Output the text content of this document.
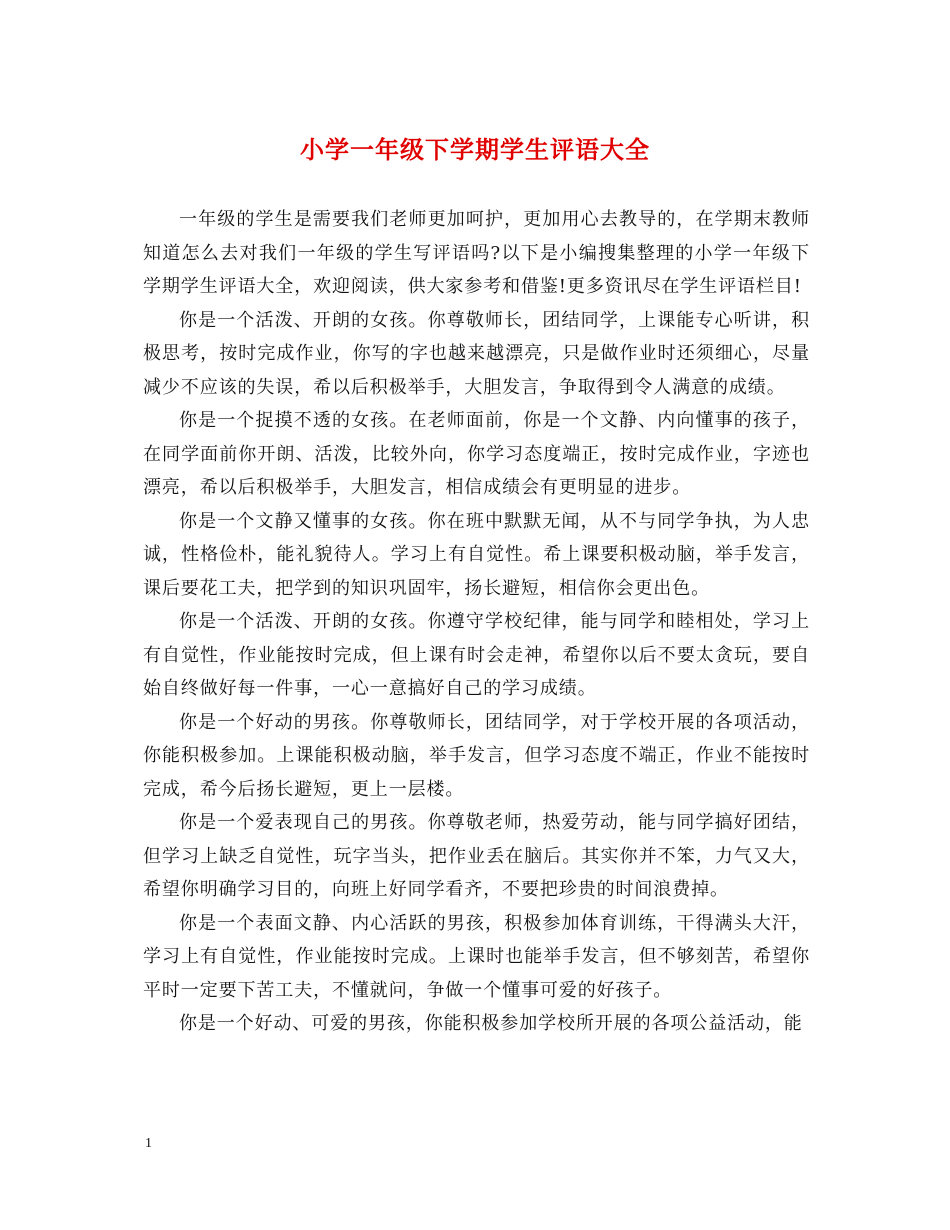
小学一年级下学期学生评语大全

一年级的学生是需要我们老师更加呵护，更加用心去教导的，在学期末教师知道怎么去对我们一年级的学生写评语吗?以下是小编搜集整理的小学一年级下学期学生评语大全，欢迎阅读，供大家参考和借鉴!更多资讯尽在学生评语栏目!

你是一个活泼、开朗的女孩。你尊敬师长，团结同学，上课能专心听讲，积极思考，按时完成作业，你写的字也越来越漂亮，只是做作业时还须细心，尽量减少不应该的失误，希以后积极举手，大胆发言，争取得到令人满意的成绩。

你是一个捉摸不透的女孩。在老师面前，你是一个文静、内向懂事的孩子，在同学面前你开朗、活泼，比较外向，你学习态度端正，按时完成作业，字迹也漂亮，希以后积极举手，大胆发言，相信成绩会有更明显的进步。

你是一个文静又懂事的女孩。你在班中默默无闻，从不与同学争执，为人忠诚，性格俭朴，能礼貌待人。学习上有自觉性。希上课要积极动脑，举手发言，课后要花工夫，把学到的知识巩固牢，扬长避短，相信你会更出色。

你是一个活泼、开朗的女孩。你遵守学校纪律，能与同学和睦相处，学习上有自觉性，作业能按时完成，但上课有时会走神，希望你以后不要太贪玩，要自始自终做好每一件事，一心一意搞好自己的学习成绩。

你是一个好动的男孩。你尊敬师长，团结同学，对于学校开展的各项活动，你能积极参加。上课能积极动脑，举手发言，但学习态度不端正，作业不能按时完成，希今后扬长避短，更上一层楼。

你是一个爱表现自己的男孩。你尊敬老师，热爱劳动，能与同学搞好团结，但学习上缺乏自觉性，玩字当头，把作业丢在脑后。其实你并不笨，力气又大，希望你明确学习目的，向班上好同学看齐，不要把珍贵的时间浪费掉。

你是一个表面文静、内心活跃的男孩，积极参加体育训练，干得满头大汗，学习上有自觉性，作业能按时完成。上课时也能举手发言，但不够刻苦，希望你平时一定要下苦工夫，不懂就问，争做一个懂事可爱的好孩子。

你是一个好动、可爱的男孩，你能积极参加学校所开展的各项公益活动，能

1
